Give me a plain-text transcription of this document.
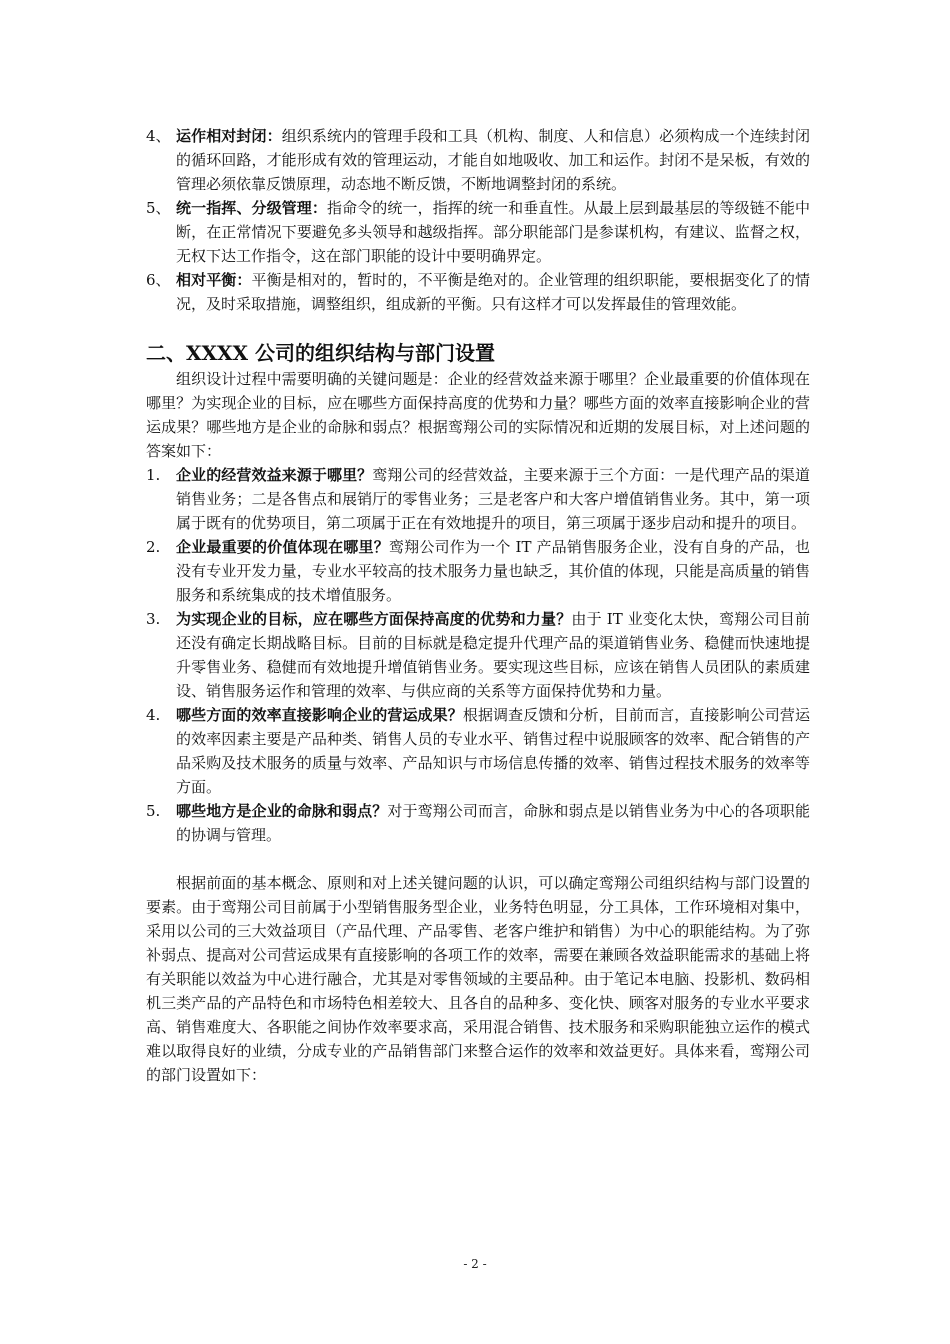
4、 运作相对封闭：组织系统内的管理手段和工具（机构、制度、人和信息）必须构成一个连续封闭的循环回路，才能形成有效的管理运动，才能自如地吸收、加工和运作。封闭不是呆板，有效的管理必须依靠反馈原理，动态地不断反馈，不断地调整封闭的系统。
5、 统一指挥、分级管理：指命令的统一，指挥的统一和垂直性。从最上层到最基层的等级链不能中断，在正常情况下要避免多头领导和越级指挥。部分职能部门是参谋机构，有建议、监督之权，无权下达工作指令，这在部门职能的设计中要明确界定。
6、 相对平衡：平衡是相对的，暂时的，不平衡是绝对的。企业管理的组织职能，要根据变化了的情况，及时采取措施，调整组织，组成新的平衡。只有这样才可以发挥最佳的管理效能。
二、XXXX 公司的组织结构与部门设置
组织设计过程中需要明确的关键问题是：企业的经营效益来源于哪里？企业最重要的价值体现在哪里？为实现企业的目标，应在哪些方面保持高度的优势和力量？哪些方面的效率直接影响企业的营运成果？哪些地方是企业的命脉和弱点？根据鸾翔公司的实际情况和近期的发展目标，对上述问题的答案如下：
1. 企业的经营效益来源于哪里？鸾翔公司的经营效益，主要来源于三个方面：一是代理产品的渠道销售业务；二是各售点和展销厅的零售业务；三是老客户和大客户增值销售业务。其中，第一项属于既有的优势项目，第二项属于正在有效地提升的项目，第三项属于逐步启动和提升的项目。
2. 企业最重要的价值体现在哪里？鸾翔公司作为一个 IT 产品销售服务企业，没有自身的产品，也没有专业开发力量，专业水平较高的技术服务力量也缺乏，其价值的体现，只能是高质量的销售服务和系统集成的技术增值服务。
3. 为实现企业的目标，应在哪些方面保持高度的优势和力量？由于 IT 业变化太快，鸾翔公司目前还没有确定长期战略目标。目前的目标就是稳定提升代理产品的渠道销售业务、稳健而快速地提升零售业务、稳健而有效地提升增值销售业务。要实现这些目标，应该在销售人员团队的素质建设、销售服务运作和管理的效率、与供应商的关系等方面保持优势和力量。
4. 哪些方面的效率直接影响企业的营运成果？根据调查反馈和分析，目前而言，直接影响公司营运的效率因素主要是产品种类、销售人员的专业水平、销售过程中说服顾客的效率、配合销售的产品采购及技术服务的质量与效率、产品知识与市场信息传播的效率、销售过程技术服务的效率等方面。
5. 哪些地方是企业的命脉和弱点？对于鸾翔公司而言，命脉和弱点是以销售业务为中心的各项职能的协调与管理。
根据前面的基本概念、原则和对上述关键问题的认识，可以确定鸾翔公司组织结构与部门设置的要素。由于鸾翔公司目前属于小型销售服务型企业，业务特色明显，分工具体，工作环境相对集中，采用以公司的三大效益项目（产品代理、产品零售、老客户维护和销售）为中心的职能结构。为了弥补弱点、提高对公司营运成果有直接影响的各项工作的效率，需要在兼顾各效益职能需求的基础上将有关职能以效益为中心进行融合，尤其是对零售领域的主要品种。由于笔记本电脑、投影机、数码相机三类产品的产品特色和市场特色相差较大、且各自的品种多、变化快、顾客对服务的专业水平要求高、销售难度大、各职能之间协作效率要求高，采用混合销售、技术服务和采购职能独立运作的模式难以取得良好的业绩，分成专业的产品销售部门来整合运作的效率和效益更好。具体来看，鸾翔公司的部门设置如下：
- 2 -
